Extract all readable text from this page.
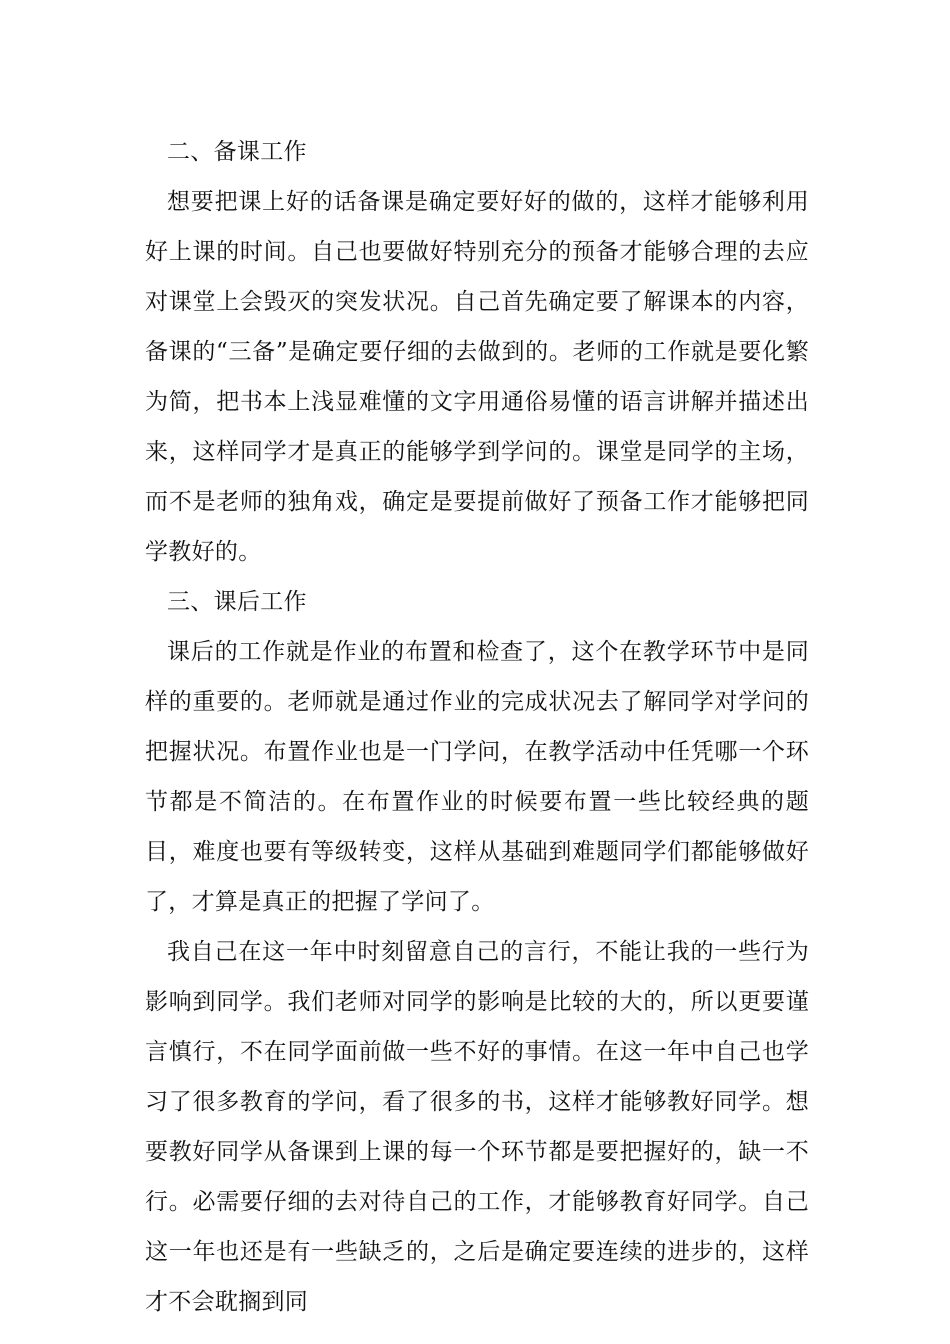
二、备课工作

想要把课上好的话备课是确定要好好的做的，这样才能够利用好上课的时间。自己也要做好特别充分的预备才能够合理的去应对课堂上会毁灭的突发状况。自己首先确定要了解课本的内容，备课的“三备”是确定要仔细的去做到的。老师的工作就是要化繁为简，把书本上浅显难懂的文字用通俗易懂的语言讲解并描述出来，这样同学才是真正的能够学到学问的。课堂是同学的主场，而不是老师的独角戏，确定是要提前做好了预备工作才能够把同学教好的。

三、课后工作

课后的工作就是作业的布置和检查了，这个在教学环节中是同样的重要的。老师就是通过作业的完成状况去了解同学对学问的把握状况。布置作业也是一门学问，在教学活动中任凭哪一个环节都是不简洁的。在布置作业的时候要布置一些比较经典的题目，难度也要有等级转变，这样从基础到难题同学们都能够做好了，才算是真正的把握了学问了。

我自己在这一年中时刻留意自己的言行，不能让我的一些行为影响到同学。我们老师对同学的影响是比较的大的，所以更要谨言慎行，不在同学面前做一些不好的事情。在这一年中自己也学习了很多教育的学问，看了很多的书，这样才能够教好同学。想要教好同学从备课到上课的每一个环节都是要把握好的，缺一不行。必需要仔细的去对待自己的工作，才能够教育好同学。自己这一年也还是有一些缺乏的，之后是确定要连续的进步的，这样才不会耽搁到同
